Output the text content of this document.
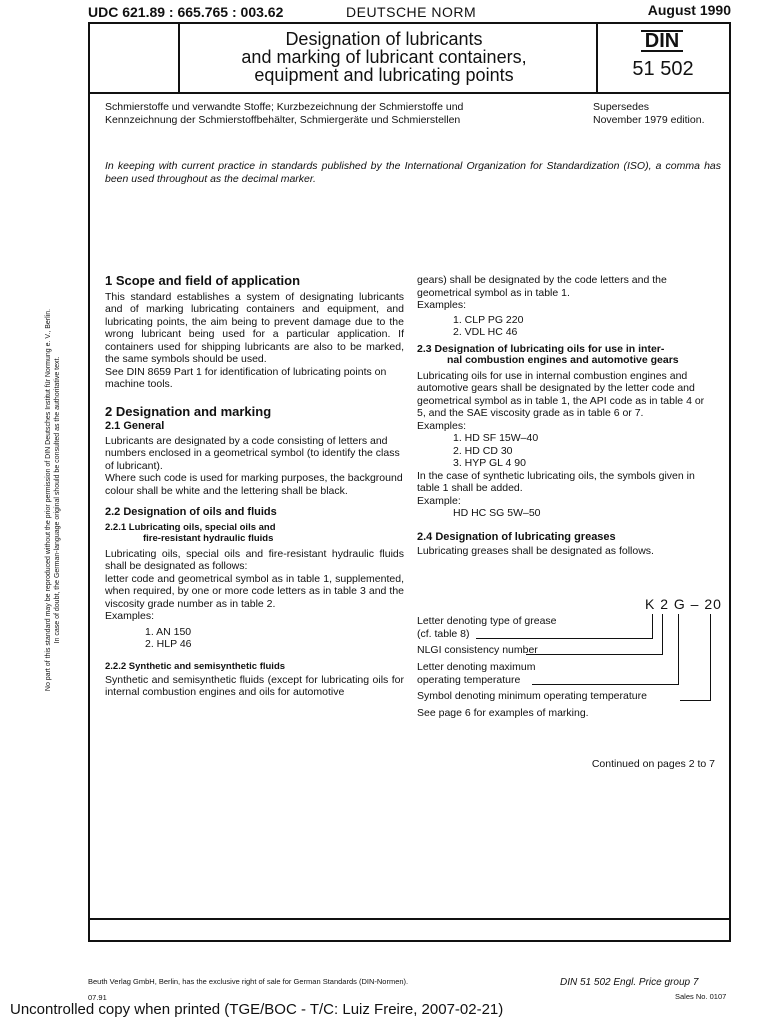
UDC 621.89 : 665.765 : 003.62	DEUTSCHE NORM	August 1990
Designation of lubricants
and marking of lubricant containers,
equipment and lubricating points
DIN
51 502
Schmierstoffe und verwandte Stoffe; Kurzbezeichnung der Schmierstoffe und
Kennzeichnung der Schmierstoffbehälter, Schmiergeräte und Schmierstellen
Supersedes
November 1979 edition.
In keeping with current practice in standards published by the International Organization for Standardization (ISO), a comma has been used throughout as the decimal marker.
No part of this standard may be reproduced without the prior permission of DIN Deutsches Institut für Normung e. V., Berlin. In case of doubt, the German-language original should be consulted as the authoritative text.

1 Scope and field of application

This standard establishes a system of designating lubricants and of marking lubricating containers and equipment, and lubricating points, the aim being to prevent damage due to the wrong lubricant being used for a particular application. If containers used for shipping lubricants are also to be marked, the same symbols should be used.

See DIN 8659 Part 1 for identification of lubricating points on machine tools.

2 Designation and marking

2.1 General

Lubricants are designated by a code consisting of letters and numbers enclosed in a geometrical symbol (to identify the class of lubricant).

Where such code is used for marking purposes, the background colour shall be white and the lettering shall be black.

2.2 Designation of oils and fluids

2.2.1 Lubricating oils, special oils and

fire-resistant hydraulic fluids

Lubricating oils, special oils and fire-resistant hydraulic fluids shall be designated as follows:

letter code and geometrical symbol as in table 1, supplemented, when required, by one or more code letters as in table 3 and the viscosity grade number as in table 2.

Examples:

1. AN 150

2. HLP 46

2.2.2 Synthetic and semisynthetic fluids

Synthetic and semisynthetic fluids (except for lubricating oils for internal combustion engines and oils for automotive

gears) shall be designated by the code letters and the geometrical symbol as in table 1.

Examples:

1. CLP PG 220

2. VDL HC 46

2.3 Designation of lubricating oils for use in inter-

nal combustion engines and automotive gears

Lubricating oils for use in internal combustion engines and automotive gears shall be designated by the letter code and geometrical symbol as in table 1, the API code as in table 4 or 5, and the SAE viscosity grade as in table 6 or 7.

Examples:

1. HD SF 15W–40

2. HD CD 30

3. HYP GL 4 90

In the case of synthetic lubricating oils, the symbols given in table 1 shall be added.

Example:

HD HC SG 5W–50

2.4 Designation of lubricating greases

Lubricating greases shall be designated as follows.

K 2 G – 20
Letter denoting type of grease
(cf. table 8)
NLGI consistency number
Letter denoting maximum
operating temperature
Symbol denoting minimum operating temperature
See page 6 for examples of marking.
Continued on pages 2 to 7
Beuth Verlag GmbH, Berlin, has the exclusive right of sale for German Standards (DIN-Normen).
07.91
DIN 51 502 Engl. Price group 7
Sales No. 0107
Uncontrolled copy when printed (TGE/BOC - T/C: Luiz Freire, 2007-02-21)
